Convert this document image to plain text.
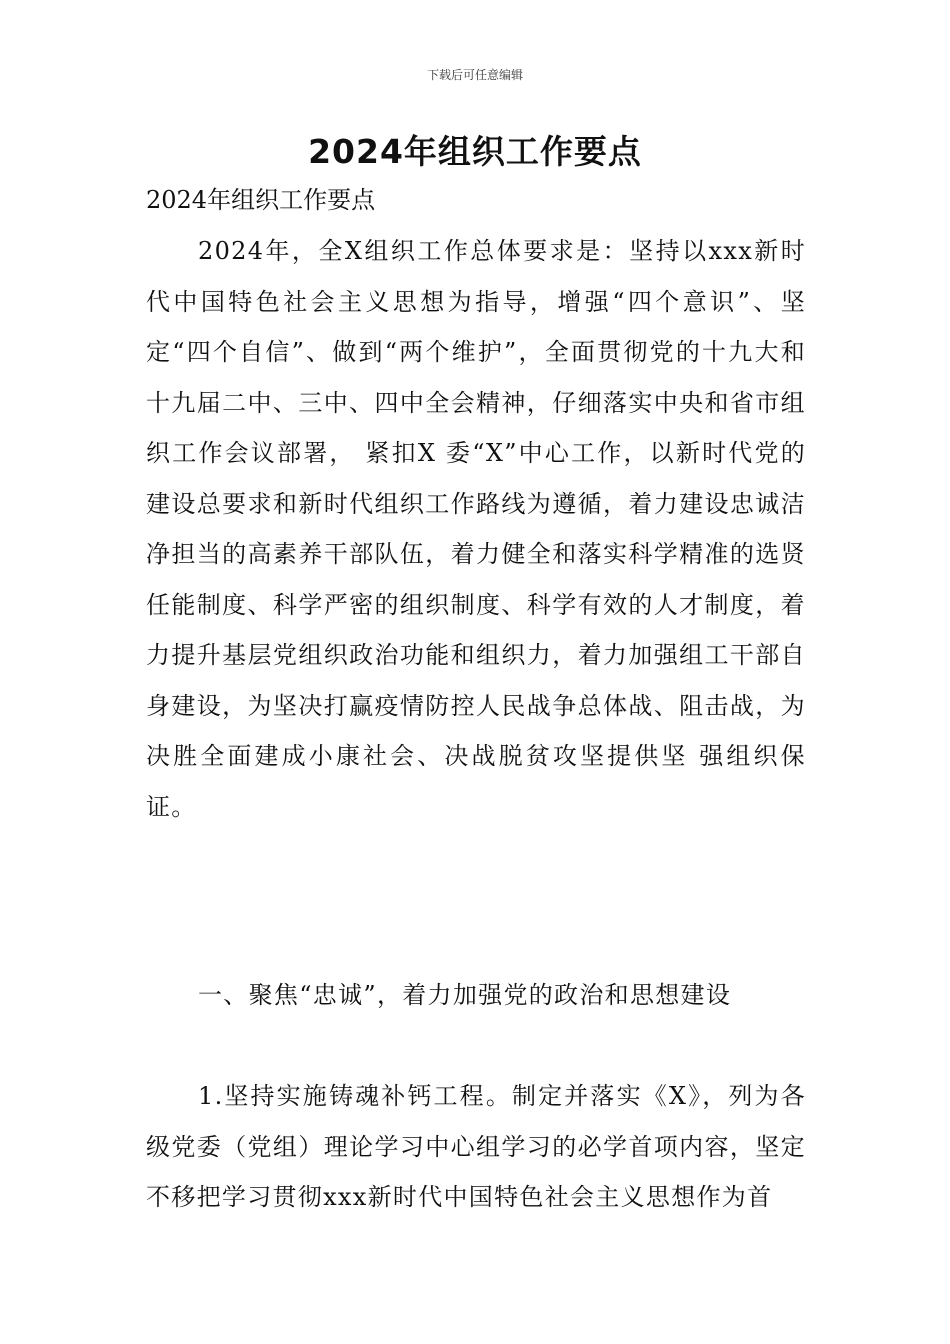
下载后可任意编辑
2024年组织工作要点

2024年组织工作要点

2024年，全X组织工作总体要求是：坚持以xxx新时代中国特色社会主义思想为指导，增强“四个意识”、坚定“四个自信”、做到“两个维护”，全面贯彻党的十九大和十九届二中、三中、四中全会精神，仔细落实中央和省市组织工作会议部署， 紧扣X 委“X”中心工作，以新时代党的建设总要求和新时代组织工作路线为遵循，着力建设忠诚洁净担当的高素养干部队伍，着力健全和落实科学精准的选贤任能制度、科学严密的组织制度、科学有效的人才制度，着力提升基层党组织政治功能和组织力，着力加强组工干部自身建设，为坚决打赢疫情防控人民战争总体战、阻击战，为决胜全面建成小康社会、决战脱贫攻坚提供坚 强组织保证。

一、聚焦“忠诚”，着力加强党的政治和思想建设

1.坚持实施铸魂补钙工程。制定并落实《X》，列为各级党委（党组）理论学习中心组学习的必学首项内容，坚定不移把学习贯彻xxx新时代中国特色社会主义思想作为首
